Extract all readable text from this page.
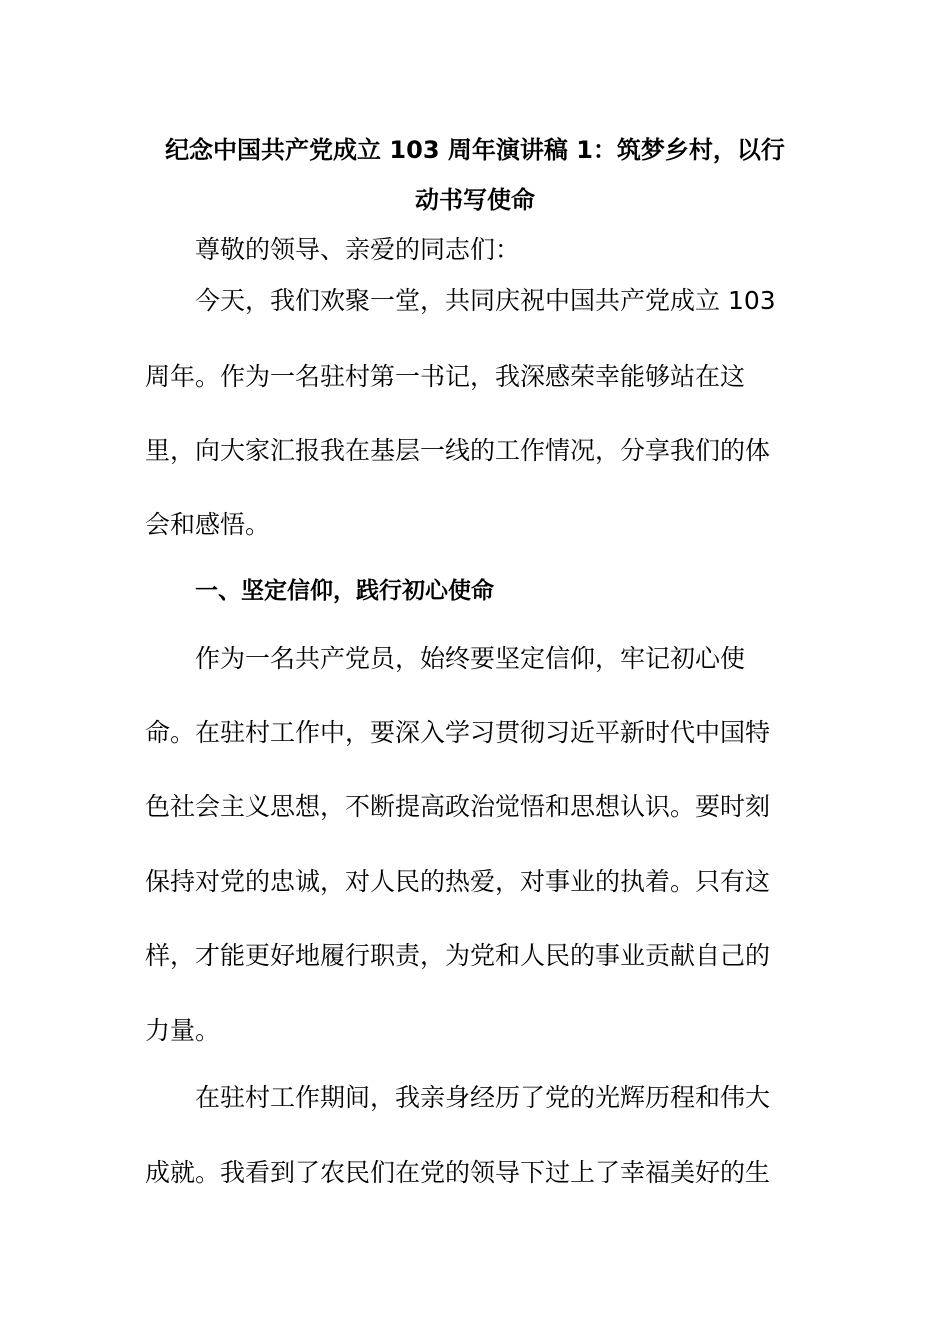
纪念中国共产党成立 103 周年演讲稿 1：筑梦乡村，以行
动书写使命

尊敬的领导、亲爱的同志们：

今天，我们欢聚一堂，共同庆祝中国共产党成立 103

周年。作为一名驻村第一书记，我深感荣幸能够站在这

里，向大家汇报我在基层一线的工作情况，分享我们的体

会和感悟。

一、坚定信仰，践行初心使命

作为一名共产党员，始终要坚定信仰，牢记初心使

命。在驻村工作中，要深入学习贯彻习近平新时代中国特

色社会主义思想，不断提高政治觉悟和思想认识。要时刻

保持对党的忠诚，对人民的热爱，对事业的执着。只有这

样，才能更好地履行职责，为党和人民的事业贡献自己的

力量。

在驻村工作期间，我亲身经历了党的光辉历程和伟大

成就。我看到了农民们在党的领导下过上了幸福美好的生
